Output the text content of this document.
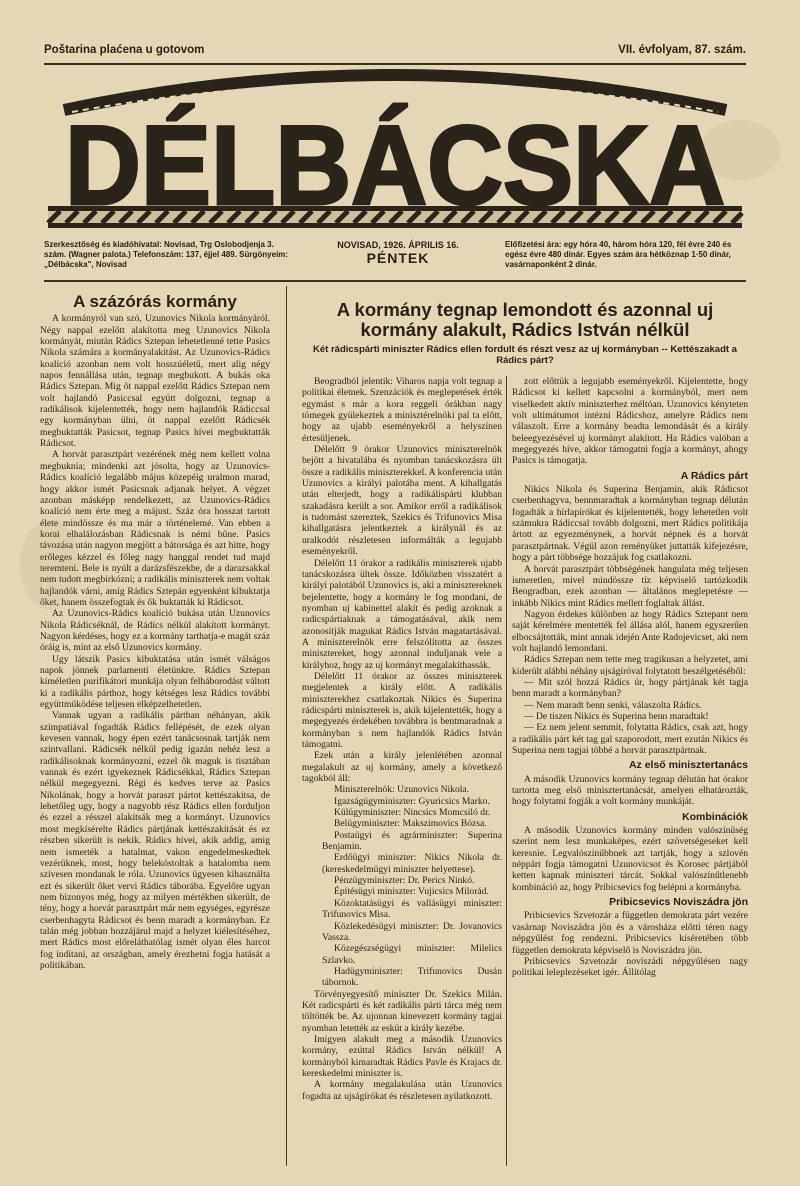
Poštarina plaćena u gotovom	VII. évfolyam, 87. szám.
DÉLBÁCSKA
Szerkesztőség és kiadóhivatal: Novisad, Trg Oslobodjenja 3. szám. (Wagner palota.) Telefonszám: 137, éjjel 489. Sürgönyeim: „Délbácska", Novisad
NOVISAD, 1926. ÁPRILIS 16.
PÉNTEK
Előfizetési ára: egy hóra 40, három hóra 120, fél évre 240 és egész évre 480 dinár. Egyes szám ára hétköznap 1·50 dinár, vasárnaponként 2 dinár.
A százórás kormány

A kormányról van szó, Uzunovics Nikola kormányáról. Négy nappal ezelőtt alakította meg Uzunovics Nikola kormányát, miután Rádics Sztepan lehetetlenné tette Pasics Nikola számára a kormányalakítást. Az Uzunovics-Rádics koalíció azonban nem volt hosszúéletű, mert alig négy napos fennállása után, tegnap megbukott. A bukás oka Rádics Sztepan. Mig öt nappal ezelőtt Rádics Sztepan nem volt hajlandó Pasiccsal együtt dolgozni, tegnap a radikálisok kijelentették, hogy nem hajlandók Rádiccsal egy kormányban ülni, öt nappal ezelőtt Rádicsék megbuktatták Pasicsot, tegnap Pasics hívei megbuktatták Rádicsot.

A horvát parasztpárt vezérének még nem kellett volna megbuknia; mindenki azt jósolta, hogy az Uzunovics-Rádics koalíció legalább május közepéig uralmon marad, hogy akkor ismét Pasicsnak adjanak helyet. A végzet azonban másképp rendelkezett, az Uzunovics-Rádics koalíció nem érte meg a májust. Száz óra hosszat tartott élete mindössze és ma már a történelemé. Van ebben a korai elhalálozásban Rádicsnak is némi bűne. Pasics távozása után nagyon megjött a bátorsága és azt hitte, hogy erőleges kézzel és főleg nagy hanggal rendet tud majd teremteni. Bele is nyúlt a darázsfészekbe, de a darazsakkal nem tudott megbirkózni; a radikális miniszterek nem voltak hajlandók várni, amíg Rádics Sztepán egyenként kibuktatja őket, hanem összefogtak és ők buktatták ki Rádicsot.

Az Uzunovics-Rádics koalíció bukása után Uzunovics Nikola Rádicséknál, de Rádics nélkül alakított kormányt. Nagyon kérdéses, hogy ez a kormány tarthatja-e magát száz óráig is, mint az első Uzunovics kormány.

Ugy látszik Pasics kibuktatása után ismét válságos napok jönnek parlamenti életünkre. Rádics Sztepan kíméletlen purifikátori munkája olyan felháborodást váltott ki a radikális párthoz, hogy kétséges lesz Rádics további együttműködése teljesen elképzelhetetlen.

Vannak ugyan a radikális pártban néhányan, akik szimpatiával fogadták Rádics fellépését, de ezek olyan kevesen vannak, hogy épen ezért tanácsosnak tartják nem szintvallani. Rádicsék nélkül pedig igazán nehéz lesz a radikálisoknak kormányozni, ezzel ők maguk is tisztában vannak és ezért igyekeznek Rádicsékkal, Rádics Sztepan nélkül megegyezni. Régi és kedves terve az Pasics Nikolának, hogy a horvát paraszt pártot kettészakítsa, de lehetőleg ugy, hogy a nagyobb rész Rádics ellen forduljon és ezzel a résszel alakítsák meg a kormányt. Uzunovics most megkísérelte Rádics pártjának kettészakítását és ez részben sikerült is nekik. Rádics hívei, akik addig, amig nem ismerték a hatalmat, vakon engedelmeskedtek vezérüknek, most, hogy belekóstoltak a hatalomba nem szívesen mondanak le róla. Uzunovics ügyesen kihasználta ezt és sikerült őket vervi Rádics táborába. Egyelőre ugyan nem bizonyos még, hogy az milyen mértékben sikerült, de tény, hogy a horvát parasztpárt már nem egységes, egyrésze cserbenhagyta Rádicsot és benn maradt a kormányban. Ez talán még jobban hozzájárul majd a helyzet kiélesítéséhez, mert Rádics most előreláthatólag ismét olyan éles harcot fog indítani, az országban, amely érezhetni fogja hatását a politikában.

A kormány tegnap lemondott és azonnal uj kormány alakult, Rádics István nélkül
Két rádicspárti miniszter Rádics ellen fordult és részt vesz az uj kormányban -- Kettészakadt a Rádics párt?

Beogradból jelentik: Viharos napja volt tegnap a politikai életnek. Szenzációk és meglepetések érték egymást s már a kora reggeli órákban nagy tömegek gyülekeztek a minisztérelnöki pal ta előtt, hogy az ujabb eseményekről a helyszínen értesüljenek.

Délelőtt 9 órakor Uzunovics miniszterelnök bejött a hivatalába és nyomban tanácskozásra ült össze a radikális miniszterekkel. A konferencia után Uzunovics a királyi palotába ment. A kihallgatás után elterjedt, hogy a radikálispárti klubban szakadásra került a sor. Amikor erről a radikálisok is tudomást szereztek, Szekics és Trifunovics Misa kihallgatásra jelentkeztek a királynál és az uralkodót részletesen informálták a legujabb eseményekről.

Délelőtt 11 órakor a radikális miniszterek ujabb tanácskozásra ültek össze. Időközben visszatért a királyi palotából Uzunovics is, aki a minisztereknek bejelentette, hogy a kormány le fog mondani, de nyomban uj kabinettel alakít és pedig azoknak a radicspártiaknak a támogatásával, akik nem azonosítják magukat Rádics István magatartásával. A miniszterelnök erre felszólította az összes minisztereket, hogy azonnal induljanak vele a királyhoz, hogy az uj kormányt megalakíthassák.

Délelőtt 11 órakor az összes miniszterek megjelentek a király előtt. A radikális miniszterekhez csatlakoztak Nikics és Superina rádicspárti miniszterek is, akik kijelentették, hogy a megegyezés érdekében továbbra is bentmaradnak a kormányban s nem hajlandók Rádics István támogatni.

Ezek után a király jelenlétében azonnal megalakult az uj kormány, amely a következő tagokból áll:

Miniszterelnök: Uzunovics Nikola.

Igazságügyminiszter: Gyuricsics Marko.

Külügyminiszter: Nincsics Momcsiló dr.

Belügyminiszter: Makszimovics Bózsa.

Postaügyi és agrárminiszter: Superina Benjamin.

Erdőügyi miniszter: Nikics Nikola dr. (kereskedelmügyi miniszter helyettese).

Pénzügyminiszter: Dr. Perics Ninkó.

Építésügyi miniszter: Vujicsics Milorád.

Közoktatásügyi és vallásügyi miniszter: Trifunovics Misa.

Közlekedésügyi miniszter: Dr. Jovanovics Vassza.

Közegészségügyi miniszter: Milelics Szlavko.

Hadügyminiszter: Trifunovics Dusán tábornok.

Törvényegyesítő miniszter Dr. Szekics Milán. Két radicspárti és két radikális párti tárca még nem töltötték be. Az ujonnan kinevezett kormány tagjai nyomban letették az esküt a király kezébe.

Imigyen alakult meg a második Uzunovics kormány, ezúttal Rádics István nélkül! A kormányból kimaradtak Rádics Pavle és Krajacs dr. kereskedelmi miniszter is.

A kormány megalakulása után Uzunovics fogadta az ujságírókat és részletesen nyilatkozott.

zott előttük a legujabb eseményekről. Kijelentette, hogy Rádicsot ki kellett kapcsolni a kormányból, mert nem viselkedett aktív miniszterhez méltóan. Uzunovics kényteten volt ultimátumot intézni Rádicshoz, amelyre Rádics nem válaszolt. Erre a kormány beadta lemondását és a király beleegyezésével uj kormányt alakított. Ha Rádics valóban a megegyezés híve, akkor támogatni fogja a kormányt, ahogy Pasics is támogatja.

A Rádics párt

Nikics Nikola és Superina Benjamin, akik Rádicsot cserbenhagyva, bennmaradtak a kormányban tegnap délután fogadták a hírlapírókat és kijelentették, hogy lehetetlen volt számukra Rádiccsal tovább dolgozni, mert Rádics politikája ártott az egyezménynek, a horvát népnek és a horvát parasztpártnak. Végül azon reményüket juttatták kifejezésre, hogy a párt többsége hozzájuk fog csatlakozni.

A horvát parasztpárt többségének hangulata még teljesen ismeretlen, mivel mindössze tíz képviselő tartózkodik Beogradban, ezek azonban — általános meglepetésre — inkább Nikics mint Rádics mellett foglaltak állást.

Nagyon érdekes különben az hogy Rádics Sztepant nem saját kérelmére mentették fel állása alól, hanem egyszerűen elbocsájtották, mint annak idején Ante Radojevicset, aki nem volt hajlandó lemondani.

Rádics Sztepan nem tette meg tragikusan a helyzetet, ami kiderült alábbi néhány ujságíróval folytatott beszélgetéséből:

— Mit szól hozzá Rádics úr, hogy pártjának két tagja benn maradt a kormányban?

— Nem maradt benn senki, válaszolta Rádics.

— De tiszen Nikics és Superina benn maradtak!

— Ez nem jelent semmit, folytatta Rádics, csak azt, hogy a radikális párt két tag gal szaporodott, mert ezután Nikics és Superina nem tagjai többé a horvát parasztpártnak.

Az első minisztertanács

A második Uzunovics kormány tegnap délután hat órakor tartotta meg első minisztertanácsát, amelyen elhatározták, hogy folytatni fogják a volt kormány munkáját.

Kombinációk

A második Uzunovics kormány minden valószínűség szerint nem lesz munkaképes, ezért szövetségeseket kell keresnie. Legvalószínűbbnek azt tartják, hogy a szlovén néppárt fogja támogatni Uzunovicsot és Korosec pártjából ketten kapnak miniszteri tárcát. Sokkal valószínűtlenebb kombináció az, hogy Pribicsevics fog belépni a kormányba.

Pribicsevics Noviszádra jön

Pribicsevics Szvetozár a független demokrata párt vezére vasárnap Noviszádra jön és a városháza előtti téren nagy népgyűlést fog rendezni. Pribicsevics kíséretében több független demokrata képviselő is Noviszádra jön.

Pribicsevics Szvetozár noviszádi népgyűlésen nagy politikai leleplezéseket igér. Állítólag
